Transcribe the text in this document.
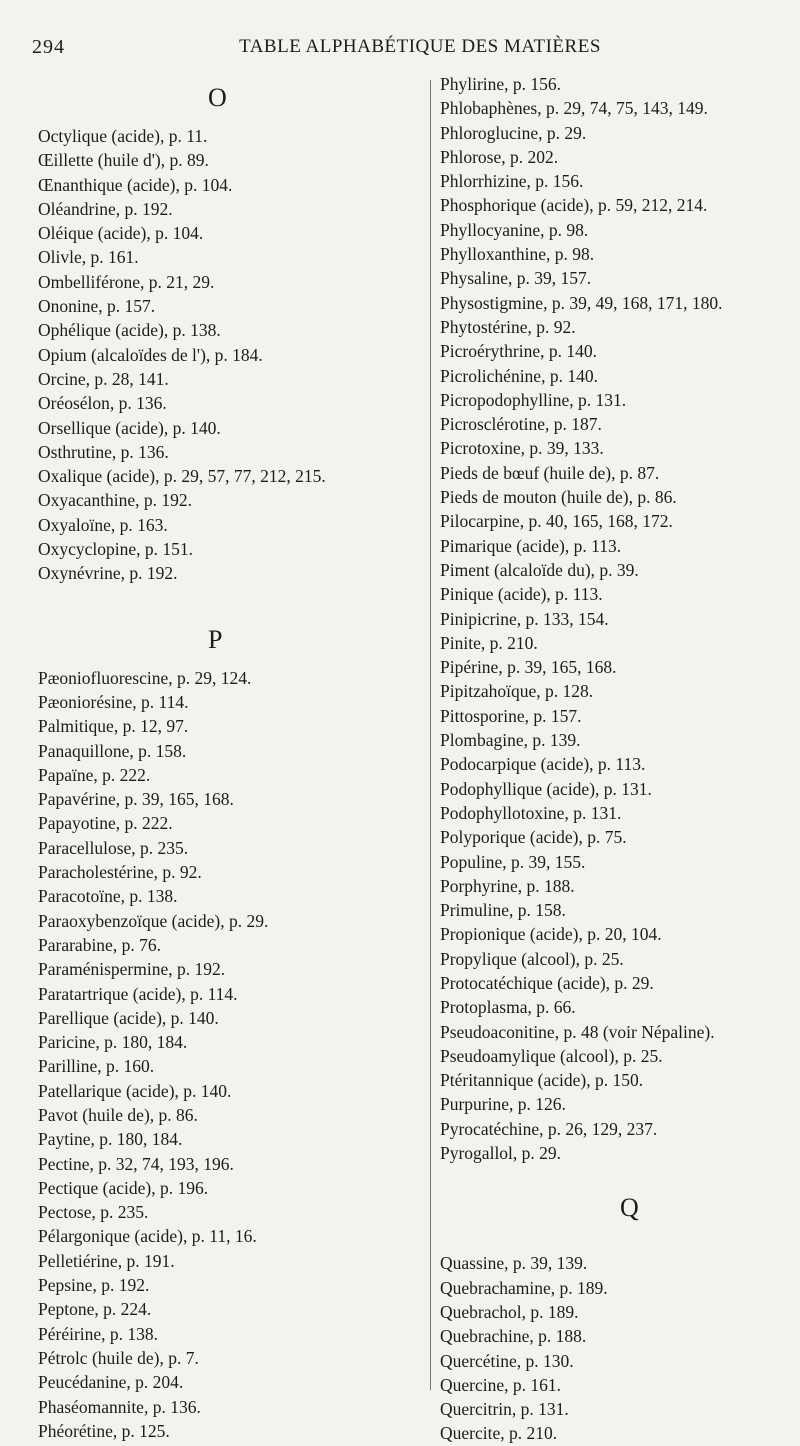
294	TABLE ALPHABÉTIQUE DES MATIÈRES
O
Octylique (acide), p. 11.
Œillette (huile d'), p. 89.
Œnanthique (acide), p. 104.
Oléandrine, p. 192.
Oléique (acide), p. 104.
Olivle, p. 161.
Ombelliférone, p. 21, 29.
Ononine, p. 157.
Ophélique (acide), p. 138.
Opium (alcaloïdes de l'), p. 184.
Orcine, p. 28, 141.
Oréosélon, p. 136.
Orsellique (acide), p. 140.
Osthrutine, p. 136.
Oxalique (acide), p. 29, 57, 77, 212, 215.
Oxyacanthine, p. 192.
Oxyaloïne, p. 163.
Oxycyclopine, p. 151.
Oxynévrine, p. 192.
P
Pæoniofluorescine, p. 29, 124.
Pæoniorésine, p. 114.
Palmitique, p. 12, 97.
Panaquillone, p. 158.
Papaïne, p. 222.
Papavérine, p. 39, 165, 168.
Papayotine, p. 222.
Paracellulose, p. 235.
Paracholestérine, p. 92.
Paracotoïne, p. 138.
Paraoxybenzoïque (acide), p. 29.
Pararabine, p. 76.
Paraménispermine, p. 192.
Paratartrique (acide), p. 114.
Parellique (acide), p. 140.
Paricine, p. 180, 184.
Parilline, p. 160.
Patellarique (acide), p. 140.
Pavot (huile de), p. 86.
Paytine, p. 180, 184.
Pectine, p. 32, 74, 193, 196.
Pectique (acide), p. 196.
Pectose, p. 235.
Pélargonique (acide), p. 11, 16.
Pelletiérine, p. 191.
Pepsine, p. 192.
Peptone, p. 224.
Péréirine, p. 138.
Pétrolc (huile de), p. 7.
Peucédanine, p. 204.
Phaséomannite, p. 136.
Phéorétine, p. 125.
Phylirine, p. 156.
Phlobaphènes, p. 29, 74, 75, 143, 149.
Phloroglucine, p. 29.
Phlorose, p. 202.
Phlorrhizine, p. 156.
Phosphorique (acide), p. 59, 212, 214.
Phyllocyanine, p. 98.
Phylloxanthine, p. 98.
Physaline, p. 39, 157.
Physostigmine, p. 39, 49, 168, 171, 180.
Phytostérine, p. 92.
Picroérythrine, p. 140.
Picrolichénine, p. 140.
Picropodophylline, p. 131.
Picrosclérotine, p. 187.
Picrotoxine, p. 39, 133.
Pieds de bœuf (huile de), p. 87.
Pieds de mouton (huile de), p. 86.
Pilocarpine, p. 40, 165, 168, 172.
Pimarique (acide), p. 113.
Piment (alcaloïde du), p. 39.
Pinique (acide), p. 113.
Pinipicrine, p. 133, 154.
Pinite, p. 210.
Pipérine, p. 39, 165, 168.
Pipitzahoïque, p. 128.
Pittosporine, p. 157.
Plombagine, p. 139.
Podocarpique (acide), p. 113.
Podophyllique (acide), p. 131.
Podophyllotoxine, p. 131.
Polyporique (acide), p. 75.
Populine, p. 39, 155.
Porphyrine, p. 188.
Primuline, p. 158.
Propionique (acide), p. 20, 104.
Propylique (alcool), p. 25.
Protocatéchique (acide), p. 29.
Protoplasma, p. 66.
Pseudoaconitine, p. 48 (voir Népaline).
Pseudoamylique (alcool), p. 25.
Ptéritannique (acide), p. 150.
Purpurine, p. 126.
Pyrocatéchine, p. 26, 129, 237.
Pyrogallol, p. 29.
Q
Quassine, p. 39, 139.
Quebrachamine, p. 189.
Quebrachol, p. 189.
Quebrachine, p. 188.
Quercétine, p. 130.
Quercine, p. 161.
Quercitrin, p. 131.
Quercite, p. 210.
